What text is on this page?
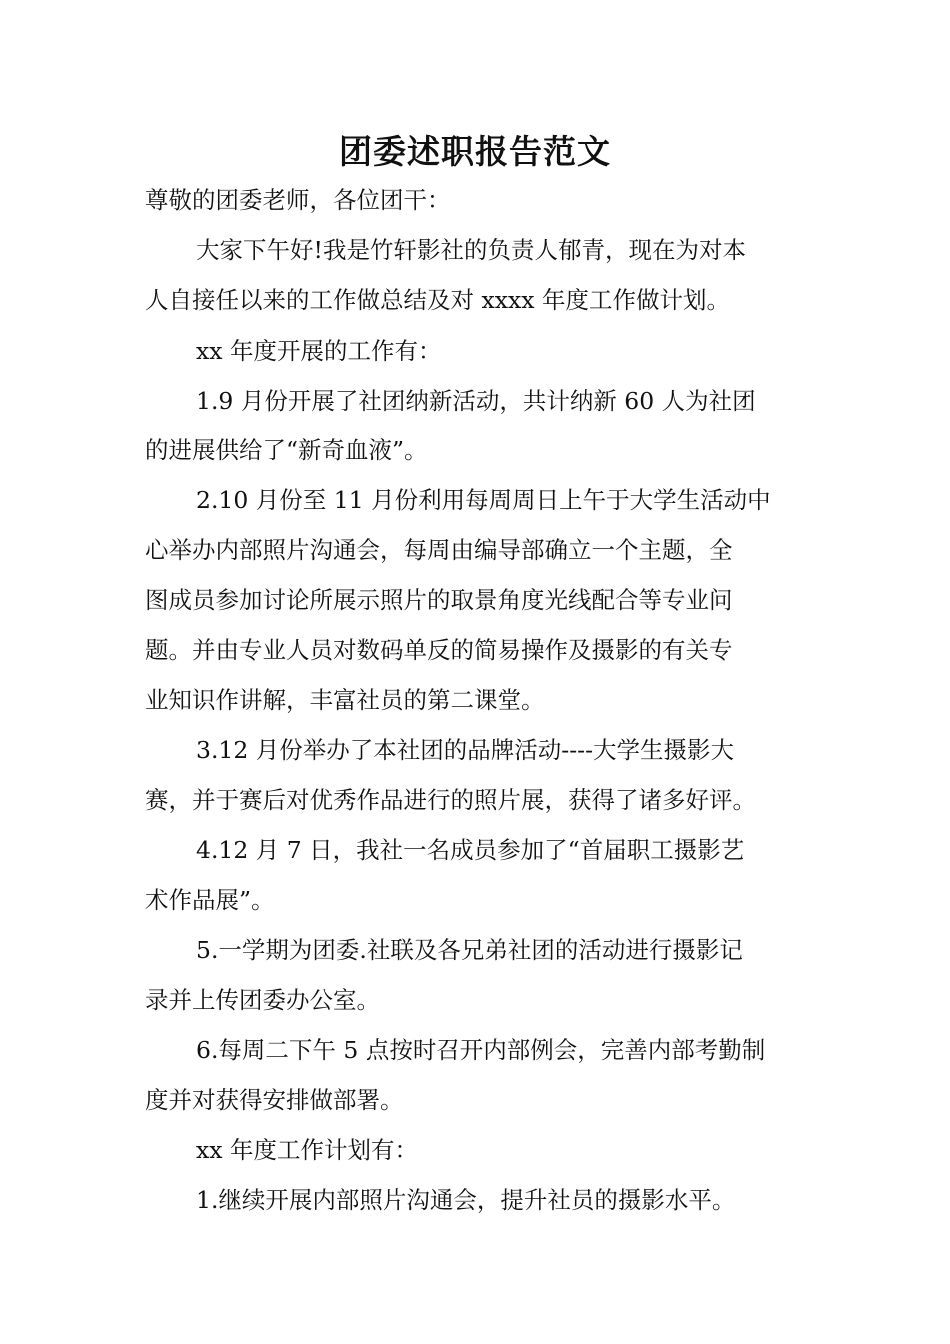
团委述职报告范文
尊敬的团委老师，各位团干：
大家下午好!我是竹轩影社的负责人郁青，现在为对本
人自接任以来的工作做总结及对 xxxx 年度工作做计划。
xx 年度开展的工作有：
1.9 月份开展了社团纳新活动，共计纳新 60 人为社团
的进展供给了“新奇血液”。
2.10 月份至 11 月份利用每周周日上午于大学生活动中
心举办内部照片沟通会，每周由编导部确立一个主题，全
图成员参加讨论所展示照片的取景角度光线配合等专业问
题。并由专业人员对数码单反的简易操作及摄影的有关专
业知识作讲解，丰富社员的第二课堂。
3.12 月份举办了本社团的品牌活动----大学生摄影大
赛，并于赛后对优秀作品进行的照片展，获得了诸多好评。
4.12 月 7 日，我社一名成员参加了“首届职工摄影艺
术作品展”。
5.一学期为团委.社联及各兄弟社团的活动进行摄影记
录并上传团委办公室。
6.每周二下午 5 点按时召开内部例会，完善内部考勤制
度并对获得安排做部署。
xx 年度工作计划有：
1.继续开展内部照片沟通会，提升社员的摄影水平。
